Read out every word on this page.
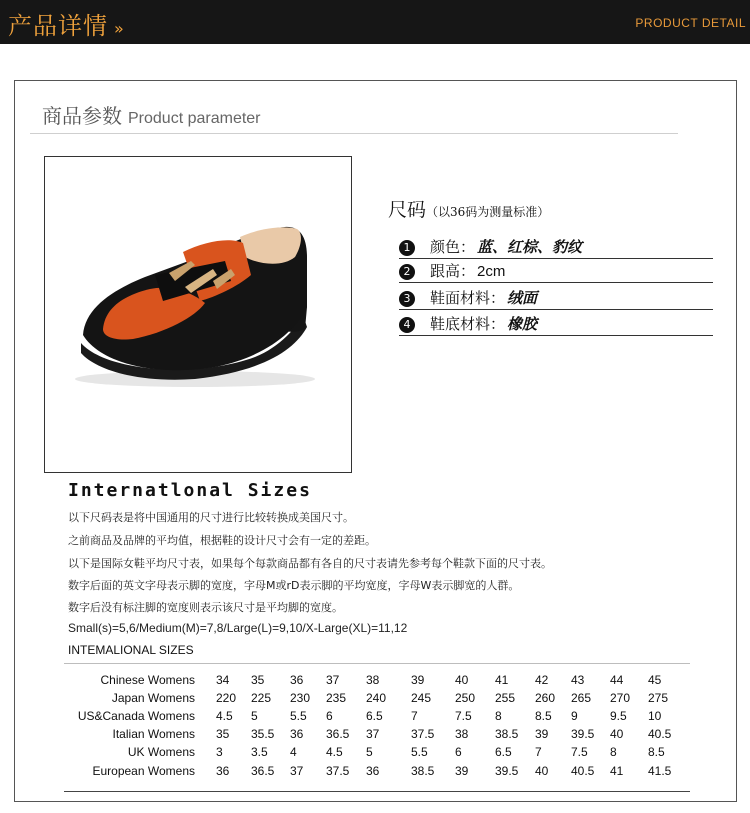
产品详情 »	PRODUCT DETAIL
商品参数 Product parameter
尺码（以36码为测量标准）
1 颜色： 蓝、红棕、豹纹
2 跟高： 2cm
3 鞋面材料： 绒面
4 鞋底材料： 橡胶
Internatlonal Sizes
以下尺码表是将中国通用的尺寸进行比较转换成美国尺寸。
之前商品及品牌的平均值，根据鞋的设计尺寸会有一定的差距。
以下是国际女鞋平均尺寸表，如果每个每款商品都有各自的尺寸表请先参考每个鞋款下面的尺寸表。
数字后面的英文字母表示脚的宽度，字母M或rD表示脚的平均宽度，字母W表示脚宽的人群。
数字后没有标注脚的宽度则表示该尺寸是平均脚的宽度。
Small(s)=5,6/Medium(M)=7,8/Large(L)=9,10/X-Large(XL)=11,12
INTEMALIONAL SIZES
Chinese Womens 34	35	36	37	38	39	40	41	42	43	44	45
Japan Womens 220	225	230	235	240	245	250	255	260	265	270	275
US&Canada Womens 4.5	5	5.5	6	6.5	7	7.5	8	8.5	9	9.5	10
Italian Womens 35	35.5	36	36.5	37	37.5	38	38.5	39	39.5	40	40.5
UK Womens 3	3.5	4	4.5	5	5.5	6	6.5	7	7.5	8	8.5
European Womens 36	36.5	37	37.5	36	38.5	39	39.5	40	40.5	41	41.5
